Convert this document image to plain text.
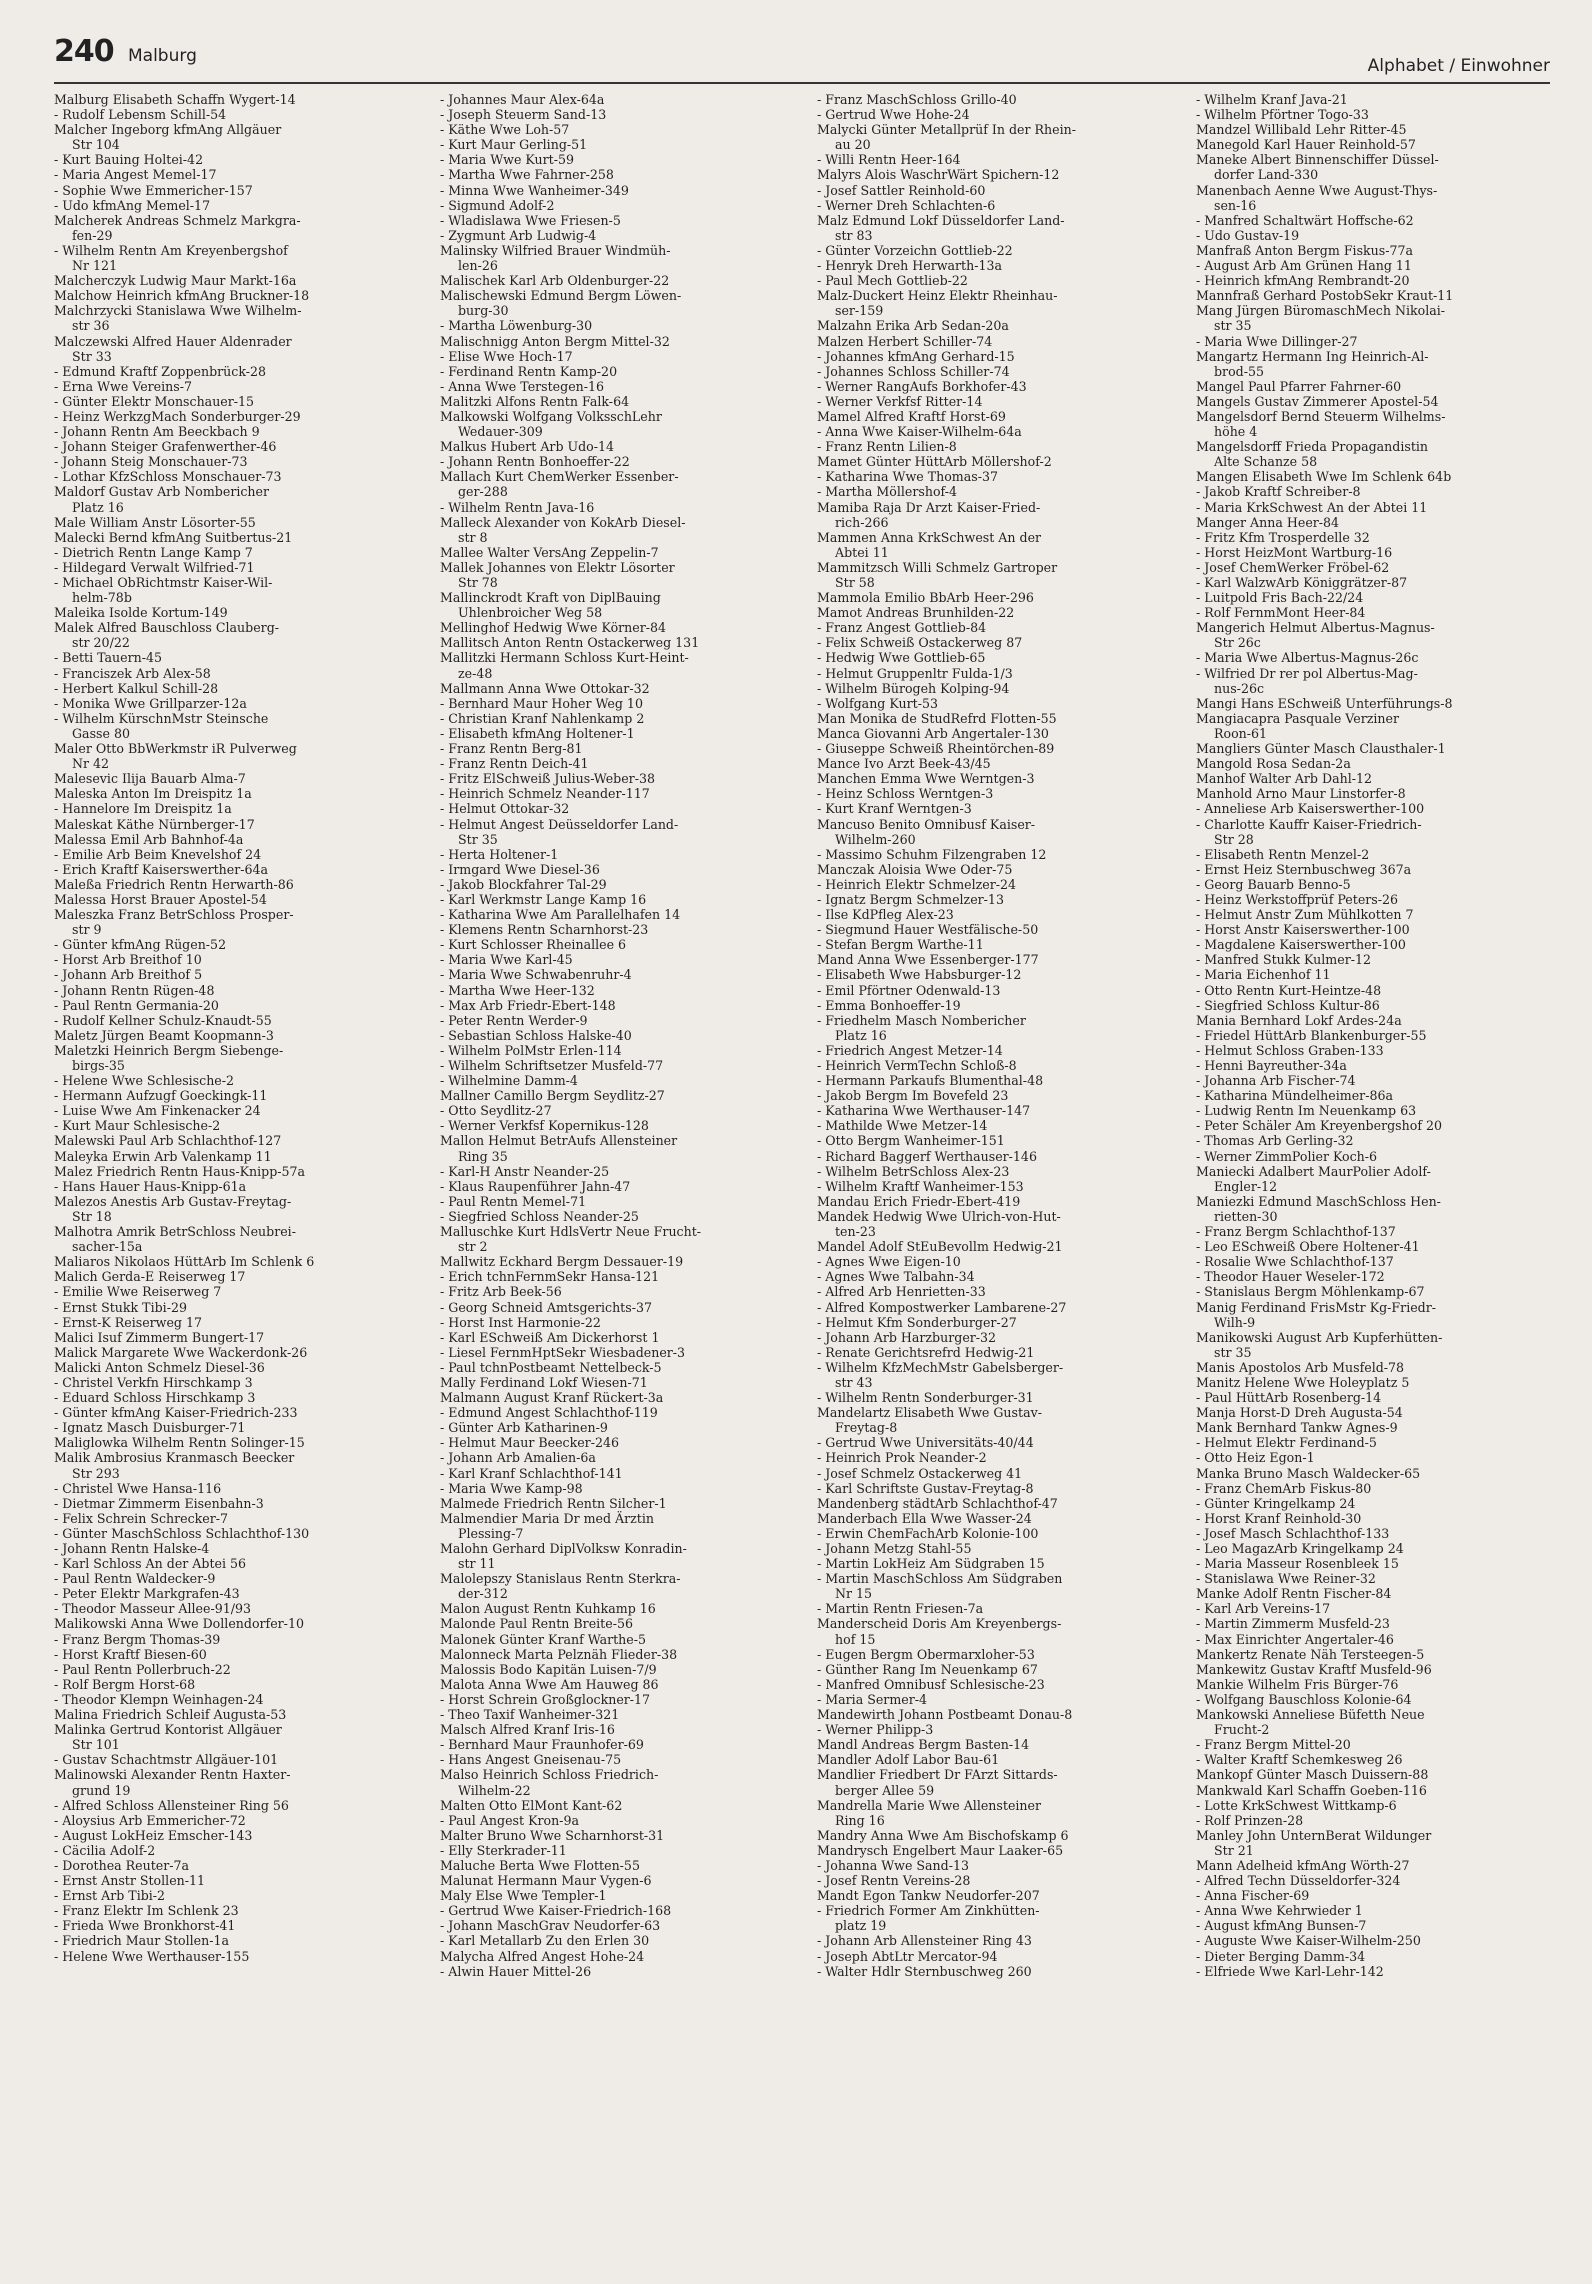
240 Malburg	Alphabet / Einwohner
Malburg Elisabeth Schaffn Wygert-14
- Rudolf Lebensm Schill-54
Malcher Ingeborg kfmAng Allgäuer
Str 104
- Kurt Bauing Holtei-42
- Maria Angest Memel-17
- Sophie Wwe Emmericher-157
- Udo kfmAng Memel-17
Malcherek Andreas Schmelz Markgra-
fen-29
- Wilhelm Rentn Am Kreyenbergshof
Nr 121
Malcherczyk Ludwig Maur Markt-16a
Malchow Heinrich kfmAng Bruckner-18
Malchrzycki Stanislawa Wwe Wilhelm-
str 36
Malczewski Alfred Hauer Aldenrader
Str 33
- Edmund Kraftf Zoppenbrück-28
- Erna Wwe Vereins-7
- Günter Elektr Monschauer-15
- Heinz WerkzgMach Sonderburger-29
- Johann Rentn Am Beeckbach 9
- Johann Steiger Grafenwerther-46
- Johann Steig Monschauer-73
- Lothar KfzSchloss Monschauer-73
Maldorf Gustav Arb Nombericher
Platz 16
Male William Anstr Lösorter-55
Malecki Bernd kfmAng Suitbertus-21
- Dietrich Rentn Lange Kamp 7
- Hildegard Verwalt Wilfried-71
- Michael ObRichtmstr Kaiser-Wil-
helm-78b
Maleika Isolde Kortum-149
Malek Alfred Bauschloss Clauberg-
str 20/22
- Betti Tauern-45
- Franciszek Arb Alex-58
- Herbert Kalkul Schill-28
- Monika Wwe Grillparzer-12a
- Wilhelm KürschnMstr Steinsche
Gasse 80
Maler Otto BbWerkmstr iR Pulverweg
Nr 42
Malesevic Ilija Bauarb Alma-7
Maleska Anton Im Dreispitz 1a
- Hannelore Im Dreispitz 1a
Maleskat Käthe Nürnberger-17
Malessa Emil Arb Bahnhof-4a
- Emilie Arb Beim Knevelshof 24
- Erich Kraftf Kaiserswerther-64a
Maleßa Friedrich Rentn Herwarth-86
Malessa Horst Brauer Apostel-54
Maleszka Franz BetrSchloss Prosper-
str 9
- Günter kfmAng Rügen-52
- Horst Arb Breithof 10
- Johann Arb Breithof 5
- Johann Rentn Rügen-48
- Paul Rentn Germania-20
- Rudolf Kellner Schulz-Knaudt-55
Maletz Jürgen Beamt Koopmann-3
Maletzki Heinrich Bergm Siebenge-
birgs-35
- Helene Wwe Schlesische-2
- Hermann Aufzugf Goeckingk-11
- Luise Wwe Am Finkenacker 24
- Kurt Maur Schlesische-2
Malewski Paul Arb Schlachthof-127
Maleyka Erwin Arb Valenkamp 11
Malez Friedrich Rentn Haus-Knipp-57a
- Hans Hauer Haus-Knipp-61a
Malezos Anestis Arb Gustav-Freytag-
Str 18
Malhotra Amrik BetrSchloss Neubrei-
sacher-15a
Maliaros Nikolaos HüttArb Im Schlenk 6
Malich Gerda-E Reiserweg 17
- Emilie Wwe Reiserweg 7
- Ernst Stukk Tibi-29
- Ernst-K Reiserweg 17
Malici Isuf Zimmerm Bungert-17
Malick Margarete Wwe Wackerdonk-26
Malicki Anton Schmelz Diesel-36
- Christel Verkfn Hirschkamp 3
- Eduard Schloss Hirschkamp 3
- Günter kfmAng Kaiser-Friedrich-233
- Ignatz Masch Duisburger-71
Maliglowka Wilhelm Rentn Solinger-15
Malik Ambrosius Kranmasch Beecker
Str 293
- Christel Wwe Hansa-116
- Dietmar Zimmerm Eisenbahn-3
- Felix Schrein Schrecker-7
- Günter MaschSchloss Schlachthof-130
- Johann Rentn Halske-4
- Karl Schloss An der Abtei 56
- Paul Rentn Waldecker-9
- Peter Elektr Markgrafen-43
- Theodor Masseur Allee-91/93
Malikowski Anna Wwe Dollendorfer-10
- Franz Bergm Thomas-39
- Horst Kraftf Biesen-60
- Paul Rentn Pollerbruch-22
- Rolf Bergm Horst-68
- Theodor Klempn Weinhagen-24
Malina Friedrich Schleif Augusta-53
Malinka Gertrud Kontorist Allgäuer
Str 101
- Gustav Schachtmstr Allgäuer-101
Malinowski Alexander Rentn Haxter-
grund 19
- Alfred Schloss Allensteiner Ring 56
- Aloysius Arb Emmericher-72
- August LokHeiz Emscher-143
- Cäcilia Adolf-2
- Dorothea Reuter-7a
- Ernst Anstr Stollen-11
- Ernst Arb Tibi-2
- Franz Elektr Im Schlenk 23
- Frieda Wwe Bronkhorst-41
- Friedrich Maur Stollen-1a
- Helene Wwe Werthauser-155
- Johannes Maur Alex-64a
- Joseph Steuerm Sand-13
- Käthe Wwe Loh-57
- Kurt Maur Gerling-51
- Maria Wwe Kurt-59
- Martha Wwe Fahrner-258
- Minna Wwe Wanheimer-349
- Sigmund Adolf-2
- Wladislawa Wwe Friesen-5
- Zygmunt Arb Ludwig-4
Malinsky Wilfried Brauer Windmüh-
len-26
Malischek Karl Arb Oldenburger-22
Malischewski Edmund Bergm Löwen-
burg-30
- Martha Löwenburg-30
Malischnigg Anton Bergm Mittel-32
- Elise Wwe Hoch-17
- Ferdinand Rentn Kamp-20
- Anna Wwe Terstegen-16
Malitzki Alfons Rentn Falk-64
Malkowski Wolfgang VolksschLehr
Wedauer-309
Malkus Hubert Arb Udo-14
- Johann Rentn Bonhoeffer-22
Mallach Kurt ChemWerker Essenber-
ger-288
- Wilhelm Rentn Java-16
Malleck Alexander von KokArb Diesel-
str 8
Mallee Walter VersAng Zeppelin-7
Mallek Johannes von Elektr Lösorter
Str 78
Mallinckrodt Kraft von DiplBauing
Uhlenbroicher Weg 58
Mellinghof Hedwig Wwe Körner-84
Mallitsch Anton Rentn Ostackerweg 131
Mallitzki Hermann Schloss Kurt-Heint-
ze-48
Mallmann Anna Wwe Ottokar-32
- Bernhard Maur Hoher Weg 10
- Christian Kranf Nahlenkamp 2
- Elisabeth kfmAng Holtener-1
- Franz Rentn Berg-81
- Franz Rentn Deich-41
- Fritz ElSchweiß Julius-Weber-38
- Heinrich Schmelz Neander-117
- Helmut Ottokar-32
- Helmut Angest Deüsseldorfer Land-
Str 35
- Herta Holtener-1
- Irmgard Wwe Diesel-36
- Jakob Blockfahrer Tal-29
- Karl Werkmstr Lange Kamp 16
- Katharina Wwe Am Parallelhafen 14
- Klemens Rentn Scharnhorst-23
- Kurt Schlosser Rheinallee 6
- Maria Wwe Karl-45
- Maria Wwe Schwabenruhr-4
- Martha Wwe Heer-132
- Max Arb Friedr-Ebert-148
- Peter Rentn Werder-9
- Sebastian Schloss Halske-40
- Wilhelm PolMstr Erlen-114
- Wilhelm Schriftsetzer Musfeld-77
- Wilhelmine Damm-4
Mallner Camillo Bergm Seydlitz-27
- Otto Seydlitz-27
- Werner Verkfsf Kopernikus-128
Mallon Helmut BetrAufs Allensteiner
Ring 35
- Karl-H Anstr Neander-25
- Klaus Raupenführer Jahn-47
- Paul Rentn Memel-71
- Siegfried Schloss Neander-25
Malluschke Kurt HdlsVertr Neue Frucht-
str 2
Mallwitz Eckhard Bergm Dessauer-19
- Erich tchnFernmSekr Hansa-121
- Fritz Arb Beek-56
- Georg Schneid Amtsgerichts-37
- Horst Inst Harmonie-22
- Karl ESchweiß Am Dickerhorst 1
- Liesel FernmHptSekr Wiesbadener-3
- Paul tchnPostbeamt Nettelbeck-5
Mally Ferdinand Lokf Wiesen-71
Malmann August Kranf Rückert-3a
- Edmund Angest Schlachthof-119
- Günter Arb Katharinen-9
- Helmut Maur Beecker-246
- Johann Arb Amalien-6a
- Karl Kranf Schlachthof-141
- Maria Wwe Kamp-98
Malmede Friedrich Rentn Silcher-1
Malmendier Maria Dr med Ärztin
Plessing-7
Malohn Gerhard DiplVolksw Konradin-
str 11
Malolepszy Stanislaus Rentn Sterkra-
der-312
Malon August Rentn Kuhkamp 16
Malonde Paul Rentn Breite-56
Malonek Günter Kranf Warthe-5
Malonneck Marta Pelznäh Flieder-38
Malossis Bodo Kapitän Luisen-7/9
Malota Anna Wwe Am Hauweg 86
- Horst Schrein Großglockner-17
- Theo Taxif Wanheimer-321
Malsch Alfred Kranf Iris-16
- Bernhard Maur Fraunhofer-69
- Hans Angest Gneisenau-75
Malso Heinrich Schloss Friedrich-
Wilhelm-22
Malten Otto ElMont Kant-62
- Paul Angest Kron-9a
Malter Bruno Wwe Scharnhorst-31
- Elly Sterkrader-11
Maluche Berta Wwe Flotten-55
Malunat Hermann Maur Vygen-6
Maly Else Wwe Templer-1
- Gertrud Wwe Kaiser-Friedrich-168
- Johann MaschGrav Neudorfer-63
- Karl Metallarb Zu den Erlen 30
Malycha Alfred Angest Hohe-24
- Alwin Hauer Mittel-26
- Franz MaschSchloss Grillo-40
- Gertrud Wwe Hohe-24
Malycki Günter Metallprüf In der Rhein-
au 20
- Willi Rentn Heer-164
Malyrs Alois WaschrWärt Spichern-12
- Josef Sattler Reinhold-60
- Werner Dreh Schlachten-6
Malz Edmund Lokf Düsseldorfer Land-
str 83
- Günter Vorzeichn Gottlieb-22
- Henryk Dreh Herwarth-13a
- Paul Mech Gottlieb-22
Malz-Duckert Heinz Elektr Rheinhau-
ser-159
Malzahn Erika Arb Sedan-20a
Malzen Herbert Schiller-74
- Johannes kfmAng Gerhard-15
- Johannes Schloss Schiller-74
- Werner RangAufs Borkhofer-43
- Werner Verkfsf Ritter-14
Mamel Alfred Kraftf Horst-69
- Anna Wwe Kaiser-Wilhelm-64a
- Franz Rentn Lilien-8
Mamet Günter HüttArb Möllershof-2
- Katharina Wwe Thomas-37
- Martha Möllershof-4
Mamiba Raja Dr Arzt Kaiser-Fried-
rich-266
Mammen Anna KrkSchwest An der
Abtei 11
Mammitzsch Willi Schmelz Gartroper
Str 58
Mammola Emilio BbArb Heer-296
Mamot Andreas Brunhilden-22
- Franz Angest Gottlieb-84
- Felix Schweiß Ostackerweg 87
- Hedwig Wwe Gottlieb-65
- Helmut Gruppenltr Fulda-1/3
- Wilhelm Bürogeh Kolping-94
- Wolfgang Kurt-53
Man Monika de StudRefrd Flotten-55
Manca Giovanni Arb Angertaler-130
- Giuseppe Schweiß Rheintörchen-89
Mance Ivo Arzt Beek-43/45
Manchen Emma Wwe Werntgen-3
- Heinz Schloss Werntgen-3
- Kurt Kranf Werntgen-3
Mancuso Benito Omnibusf Kaiser-
Wilhelm-260
- Massimo Schuhm Filzengraben 12
Manczak Aloisia Wwe Oder-75
- Heinrich Elektr Schmelzer-24
- Ignatz Bergm Schmelzer-13
- Ilse KdPfleg Alex-23
- Siegmund Hauer Westfälische-50
- Stefan Bergm Warthe-11
Mand Anna Wwe Essenberger-177
- Elisabeth Wwe Habsburger-12
- Emil Pförtner Odenwald-13
- Emma Bonhoeffer-19
- Friedhelm Masch Nombericher
Platz 16
- Friedrich Angest Metzer-14
- Heinrich VermTechn Schloß-8
- Hermann Parkaufs Blumenthal-48
- Jakob Bergm Im Bovefeld 23
- Katharina Wwe Werthauser-147
- Mathilde Wwe Metzer-14
- Otto Bergm Wanheimer-151
- Richard Baggerf Werthauser-146
- Wilhelm BetrSchloss Alex-23
- Wilhelm Kraftf Wanheimer-153
Mandau Erich Friedr-Ebert-419
Mandek Hedwig Wwe Ulrich-von-Hut-
ten-23
Mandel Adolf StEuBevollm Hedwig-21
- Agnes Wwe Eigen-10
- Agnes Wwe Talbahn-34
- Alfred Arb Henrietten-33
- Alfred Kompostwerker Lambarene-27
- Helmut Kfm Sonderburger-27
- Johann Arb Harzburger-32
- Renate Gerichtsrefrd Hedwig-21
- Wilhelm KfzMechMstr Gabelsberger-
str 43
- Wilhelm Rentn Sonderburger-31
Mandelartz Elisabeth Wwe Gustav-
Freytag-8
- Gertrud Wwe Universitäts-40/44
- Heinrich Prok Neander-2
- Josef Schmelz Ostackerweg 41
- Karl Schriftste Gustav-Freytag-8
Mandenberg städtArb Schlachthof-47
Manderbach Ella Wwe Wasser-24
- Erwin ChemFachArb Kolonie-100
- Johann Metzg Stahl-55
- Martin LokHeiz Am Südgraben 15
- Martin MaschSchloss Am Südgraben
Nr 15
- Martin Rentn Friesen-7a
Manderscheid Doris Am Kreyenbergs-
hof 15
- Eugen Bergm Obermarxloher-53
- Günther Rang Im Neuenkamp 67
- Manfred Omnibusf Schlesische-23
- Maria Sermer-4
Mandewirth Johann Postbeamt Donau-8
- Werner Philipp-3
Mandl Andreas Bergm Basten-14
Mandler Adolf Labor Bau-61
Mandlier Friedbert Dr FArzt Sittards-
berger Allee 59
Mandrella Marie Wwe Allensteiner
Ring 16
Mandry Anna Wwe Am Bischofskamp 6
Mandrysch Engelbert Maur Laaker-65
- Johanna Wwe Sand-13
- Josef Rentn Vereins-28
Mandt Egon Tankw Neudorfer-207
- Friedrich Former Am Zinkhütten-
platz 19
- Johann Arb Allensteiner Ring 43
- Joseph AbtLtr Mercator-94
- Walter Hdlr Sternbuschweg 260
- Wilhelm Kranf Java-21
- Wilhelm Pförtner Togo-33
Mandzel Willibald Lehr Ritter-45
Manegold Karl Hauer Reinhold-57
Maneke Albert Binnenschiffer Düssel-
dorfer Land-330
Manenbach Aenne Wwe August-Thys-
sen-16
- Manfred Schaltwärt Hoffsche-62
- Udo Gustav-19
Manfraß Anton Bergm Fiskus-77a
- August Arb Am Grünen Hang 11
- Heinrich kfmAng Rembrandt-20
Mannfraß Gerhard PostobSekr Kraut-11
Mang Jürgen BüromaschMech Nikolai-
str 35
- Maria Wwe Dillinger-27
Mangartz Hermann Ing Heinrich-Al-
brod-55
Mangel Paul Pfarrer Fahrner-60
Mangels Gustav Zimmerer Apostel-54
Mangelsdorf Bernd Steuerm Wilhelms-
höhe 4
Mangelsdorff Frieda Propagandistin
Alte Schanze 58
Mangen Elisabeth Wwe Im Schlenk 64b
- Jakob Kraftf Schreiber-8
- Maria KrkSchwest An der Abtei 11
Manger Anna Heer-84
- Fritz Kfm Trosperdelle 32
- Horst HeizMont Wartburg-16
- Josef ChemWerker Fröbel-62
- Karl WalzwArb Königgrätzer-87
- Luitpold Fris Bach-22/24
- Rolf FernmMont Heer-84
Mangerich Helmut Albertus-Magnus-
Str 26c
- Maria Wwe Albertus-Magnus-26c
- Wilfried Dr rer pol Albertus-Mag-
nus-26c
Mangi Hans ESchweiß Unterführungs-8
Mangiacapra Pasquale Verziner
Roon-61
Mangliers Günter Masch Clausthaler-1
Mangold Rosa Sedan-2a
Manhof Walter Arb Dahl-12
Manhold Arno Maur Linstorfer-8
- Anneliese Arb Kaiserswerther-100
- Charlotte Kauffr Kaiser-Friedrich-
Str 28
- Elisabeth Rentn Menzel-2
- Ernst Heiz Sternbuschweg 367a
- Georg Bauarb Benno-5
- Heinz Werkstoffprüf Peters-26
- Helmut Anstr Zum Mühlkotten 7
- Horst Anstr Kaiserswerther-100
- Magdalene Kaiserswerther-100
- Manfred Stukk Kulmer-12
- Maria Eichenhof 11
- Otto Rentn Kurt-Heintze-48
- Siegfried Schloss Kultur-86
Mania Bernhard Lokf Ardes-24a
- Friedel HüttArb Blankenburger-55
- Helmut Schloss Graben-133
- Henni Bayreuther-34a
- Johanna Arb Fischer-74
- Katharina Mündelheimer-86a
- Ludwig Rentn Im Neuenkamp 63
- Peter Schäler Am Kreyenbergshof 20
- Thomas Arb Gerling-32
- Werner ZimmPolier Koch-6
Maniecki Adalbert MaurPolier Adolf-
Engler-12
Maniezki Edmund MaschSchloss Hen-
rietten-30
- Franz Bergm Schlachthof-137
- Leo ESchweiß Obere Holtener-41
- Rosalie Wwe Schlachthof-137
- Theodor Hauer Weseler-172
- Stanislaus Bergm Möhlenkamp-67
Manig Ferdinand FrisMstr Kg-Friedr-
Wilh-9
Manikowski August Arb Kupferhütten-
str 35
Manis Apostolos Arb Musfeld-78
Manitz Helene Wwe Holeyplatz 5
- Paul HüttArb Rosenberg-14
Manja Horst-D Dreh Augusta-54
Mank Bernhard Tankw Agnes-9
- Helmut Elektr Ferdinand-5
- Otto Heiz Egon-1
Manka Bruno Masch Waldecker-65
- Franz ChemArb Fiskus-80
- Günter Kringelkamp 24
- Horst Kranf Reinhold-30
- Josef Masch Schlachthof-133
- Leo MagazArb Kringelkamp 24
- Maria Masseur Rosenbleek 15
- Stanislawa Wwe Reiner-32
Manke Adolf Rentn Fischer-84
- Karl Arb Vereins-17
- Martin Zimmerm Musfeld-23
- Max Einrichter Angertaler-46
Mankertz Renate Näh Tersteegen-5
Mankewitz Gustav Kraftf Musfeld-96
Mankie Wilhelm Fris Bürger-76
- Wolfgang Bauschloss Kolonie-64
Mankowski Anneliese Büfetth Neue
Frucht-2
- Franz Bergm Mittel-20
- Walter Kraftf Schemkesweg 26
Mankopf Günter Masch Duissern-88
Mankwald Karl Schaffn Goeben-116
- Lotte KrkSchwest Wittkamp-6
- Rolf Prinzen-28
Manley John UnternBerat Wildunger
Str 21
Mann Adelheid kfmAng Wörth-27
- Alfred Techn Düsseldorfer-324
- Anna Fischer-69
- Anna Wwe Kehrwieder 1
- August kfmAng Bunsen-7
- Auguste Wwe Kaiser-Wilhelm-250
- Dieter Berging Damm-34
- Elfriede Wwe Karl-Lehr-142
